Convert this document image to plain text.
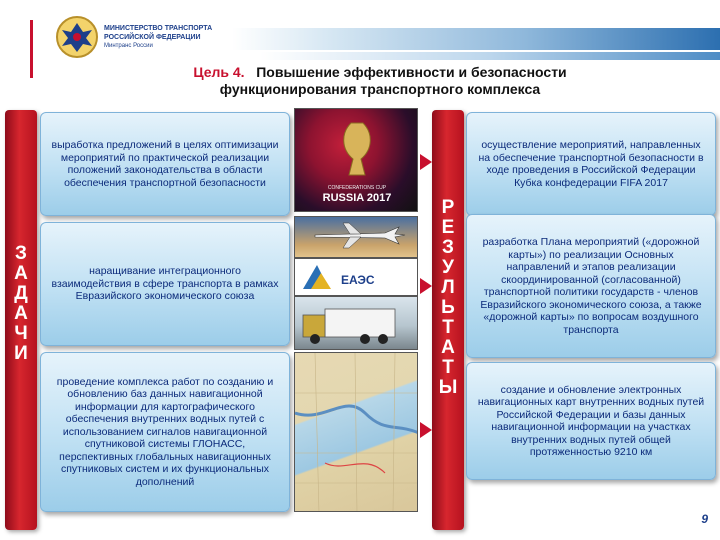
МИНИСТЕРСТВО ТРАНСПОРТА
РОССИЙСКОЙ ФЕДЕРАЦИИ
Минтранс России
Цель 4. Повышение эффективности и безопасности
функционирования транспортного комплекса
З
А
Д
А
Ч
И
Р
Е
З
У
Л
Ь
Т
А
Т
Ы
выработка предложений в целях оптимизации мероприятий по практической реализации положений законодательства в области обеспечения транспортной безопасности
наращивание интеграционного взаимодействия в сфере транспорта в рамках Евразийского экономического союза
проведение комплекса работ по созданию и обновлению баз данных навигационной информации для картографического обеспечения внутренних водных путей с использованием сигналов навигационной спутниковой системы ГЛОНАСС, перспективных глобальных навигационных спутниковых систем и их функциональных дополнений
CONFEDERATIONS CUP
RUSSIA 2017
ЕАЭС
осуществление мероприятий, направленных на обеспечение транспортной безопасности в ходе проведения в Российской Федерации Кубка конфедерации FIFA 2017
разработка Плана мероприятий («дорожной карты») по реализации Основных направлений и этапов реализации скоординированной (согласованной) транспортной политики государств - членов Евразийского экономического союза, а также «дорожной карты» по вопросам воздушного транспорта
создание и обновление электронных навигационных карт внутренних водных путей Российской Федерации и базы данных навигационной информации на участках внутренних водных путей общей протяженностью 9210 км
9
